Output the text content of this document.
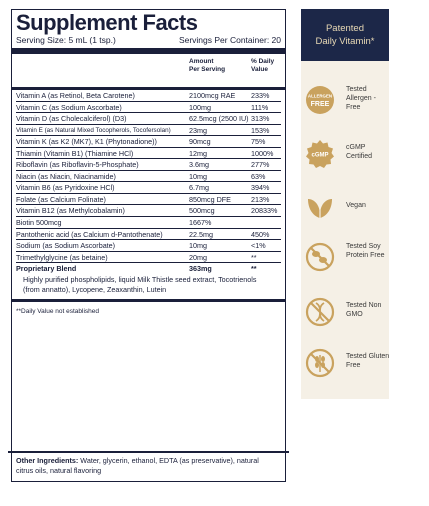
Supplement Facts
Serving Size: 5 mL (1 tsp.)	Servings Per Container: 20
Amount
Per Serving
% Daily
Value
Vitamin A (as Retinol, Beta Carotene)	2100mcg RAE 233%
Vitamin C (as Sodium Ascorbate)	100mg	111%
Vitamin D (as Cholecalciferol) (D3)	62.5mcg (2500 IU) 313%
Vitamin E (as Natural Mixed Tocopherols, Tocofersolan)	23mg	153%
Vitamin K (as K2 (MK7), K1 (Phytonadione))	90mcg	75%
Thiamin (Vitamin B1) (Thiamine HCl)	12mg	1000%
Riboflavin (as Riboflavin-5-Phosphate)	3.6mg	277%
Niacin (as Niacin, Niacinamide)	10mg	63%
Vitamin B6 (as Pyridoxine HCl)	6.7mg	394%
Folate (as Calcium Folinate)	850mcg DFE	213%
Vitamin B12 (as Methylcobalamin)	500mcg	20833%
Biotin 500mcg	1667%
Pantothenic acid (as Calcium d-Pantothenate)	22.5mg	450%
Sodium (as Sodium Ascorbate)	10mg	<1%
Trimethylglycine (as betaine)	20mg	**
Proprietary Blend	363mg	**
Highly purified phospholipids, liquid Milk Thistle seed extract, Tocotrienols (from annatto), Lycopene, Zeaxanthin, Lutein
**Daily Value not established
Other Ingredients: Water, glycerin, ethanol, EDTA (as preservative), natural citrus oils, natural flavoring
Patented
Daily Vitamin*
ALLERGEN
FREE
Tested Allergen -Free
cGMP
cGMP Certified
Vegan
Tested Soy Protein Free
Tested Non GMO
Tested Gluten Free
